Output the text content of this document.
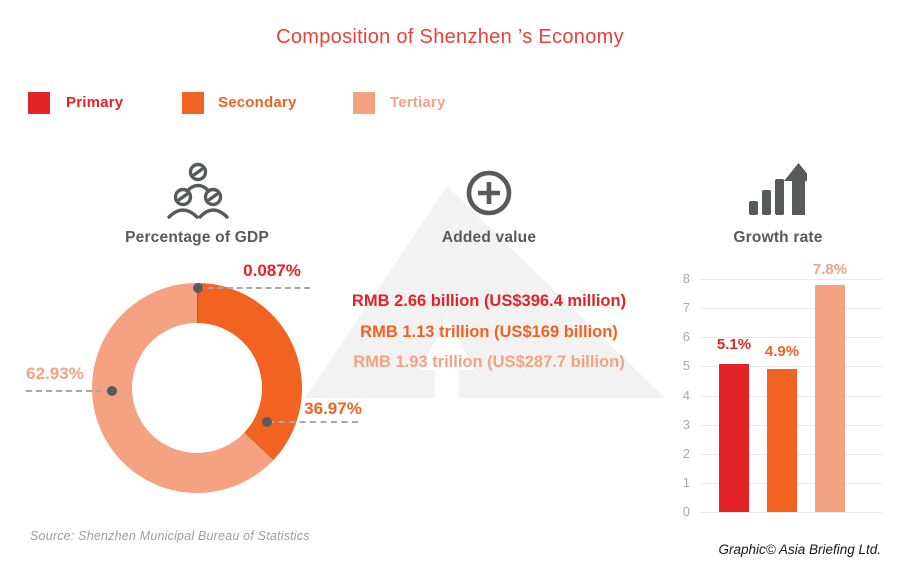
Composition of Shenzhen ’s Economy
Primary	Secondary	Tertiary
Percentage of GDP
0.087%
36.97%
62.93%
Added value
RMB 2.66 billion (US$396.4 million)
RMB 1.13 trillion (US$169 billion)
RMB 1.93 trillion (US$287.7 billion)
Growth rate
8
7
6
5
4
3
2
1
0
5.1% 4.9%
7.8%
Source: Shenzhen Municipal Bureau of Statistics
Graphic© Asia Briefing Ltd.
